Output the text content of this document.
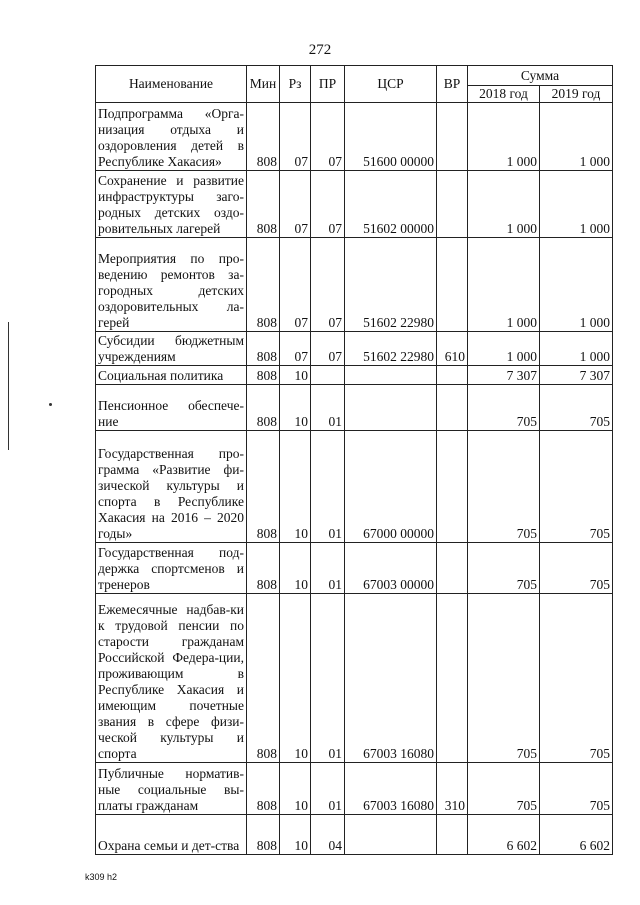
272
Наименование	Мин	Рз	ПР	ЦСР	ВР	Сумма	
						2018 год	2019 год
Подпрограмма «Орга-низация отдыха и оздоровления детей в Республике Хакасия»	808	07	07	51600 00000		1 000	1 000
Сохранение и развитие инфраструктуры заго-родных детских оздо-ровительных лагерей	808	07	07	51602 00000		1 000	1 000
Мероприятия по про-ведению ремонтов за-городных детских оздоровительных ла-герей	808	07	07	51602 22980		1 000	1 000
Субсидии бюджетным учреждениям	808	07	07	51602 22980	610	1 000	1 000
Социальная политика	808	10				7 307	7 307
Пенсионное обеспече-ние	808	10	01			705	705
Государственная про-грамма «Развитие фи-зической культуры и спорта в Республике Хакасия на 2016 – 2020 годы»	808	10	01	67000 00000		705	705
Государственная под-держка спортсменов и тренеров	808	10	01	67003 00000		705	705
Ежемесячные надбав-ки к трудовой пенсии по старости гражданам Российской Федера-ции, проживающим в Республике Хакасия и имеющим почетные звания в сфере физи-ческой культуры и спорта	808	10	01	67003 16080		705	705
Публичные норматив-ные социальные вы-платы гражданам	808	10	01	67003 16080	310	705	705
Охрана семьи и дет-ства	808	10	04			6 602	6 602
k309 h2
